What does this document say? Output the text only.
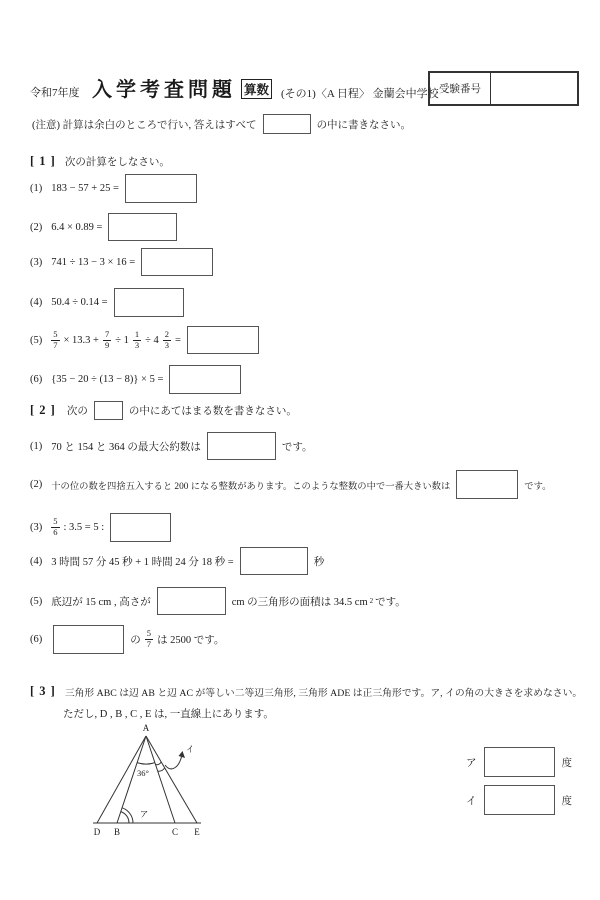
令和7年度 入学考査問題 算数 (その1)〈A 日程〉 金蘭会中学校 受験番号
(注意) 計算は余白のところで行い, 答えはすべて	の中に書きなさい。
[ 1 ] 次の計算をしなさい。
(1) 183 − 57 + 25 =
(2) 6.4 × 0.89 =
(3) 741 ÷ 13 − 3 × 16 =
(4) 50.4 ÷ 0.14 =
$(5) \frac{5}{7} \times 13.3 + \frac{7}{9} \div 1 \frac{1}{3} \div 4 \frac{2}{3}$ =
(6) {35 − 20 ÷ (13 − 8)} × 5 =
[ 2 ] 次の	の中にあてはまる数を書きなさい。
(1) 70 と 154 と 364 の最大公約数は	です。
(2) 十の位の数を四捨五入すると 200 になる整数があります。このような整数の中で一番大きい数は	です。
$(3) \frac{5}{6}$ : 3.5 = 5 :
(4) 3 時間 57 分 45 秒 + 1 時間 24 分 18 秒 =	秒
(5) 底辺が 15 cm , 高さが	cm の三角形の面積は 34.5 cm 2 です。
(6)	の $\frac{5}{7}$ は 2500 です。
[ 3 ] 三角形 ABC は辺 AB と辺 AC が等しい二等辺三角形, 三角形 ADE は正三角形です。ア, イの角の大きさを求めなさい。
ただし, D , B , C , E は, 一直線上にあります。
A
D B	C E
36°
ア
イ
ア	度
イ	度
